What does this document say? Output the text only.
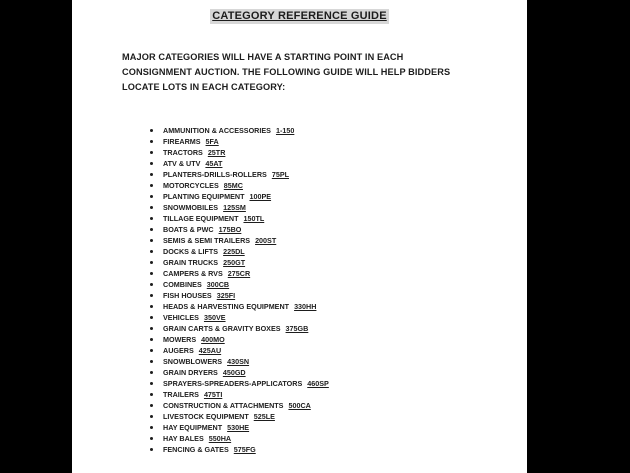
CATEGORY REFERENCE GUIDE
MAJOR CATEGORIES WILL HAVE A STARTING POINT IN EACH
CONSIGNMENT AUCTION. THE FOLLOWING GUIDE WILL HELP BIDDERS
LOCATE LOTS IN EACH CATEGORY:
AMMUNITION & ACCESSORIES 1-150
FIREARMS 5FA
TRACTORS 25TR
ATV & UTV 45AT
PLANTERS-DRILLS-ROLLERS 75PL
MOTORCYCLES 85MC
PLANTING EQUIPMENT 100PE
SNOWMOBILES 125SM
TILLAGE EQUIPMENT 150TL
BOATS & PWC 175BO
SEMIS & SEMI TRAILERS 200ST
DOCKS & LIFTS 225DL
GRAIN TRUCKS 250GT
CAMPERS & RVS 275CR
COMBINES 300CB
FISH HOUSES 325FI
HEADS & HARVESTING EQUIPMENT 330HH
VEHICLES 350VE
GRAIN CARTS & GRAVITY BOXES 375GB
MOWERS 400MO
AUGERS 425AU
SNOWBLOWERS 430SN
GRAIN DRYERS 450GD
SPRAYERS-SPREADERS-APPLICATORS 460SP
TRAILERS 475TI
CONSTRUCTION & ATTACHMENTS 500CA
LIVESTOCK EQUIPMENT 525LE
HAY EQUIPMENT 530HE
HAY BALES 550HA
FENCING & GATES 575FG
